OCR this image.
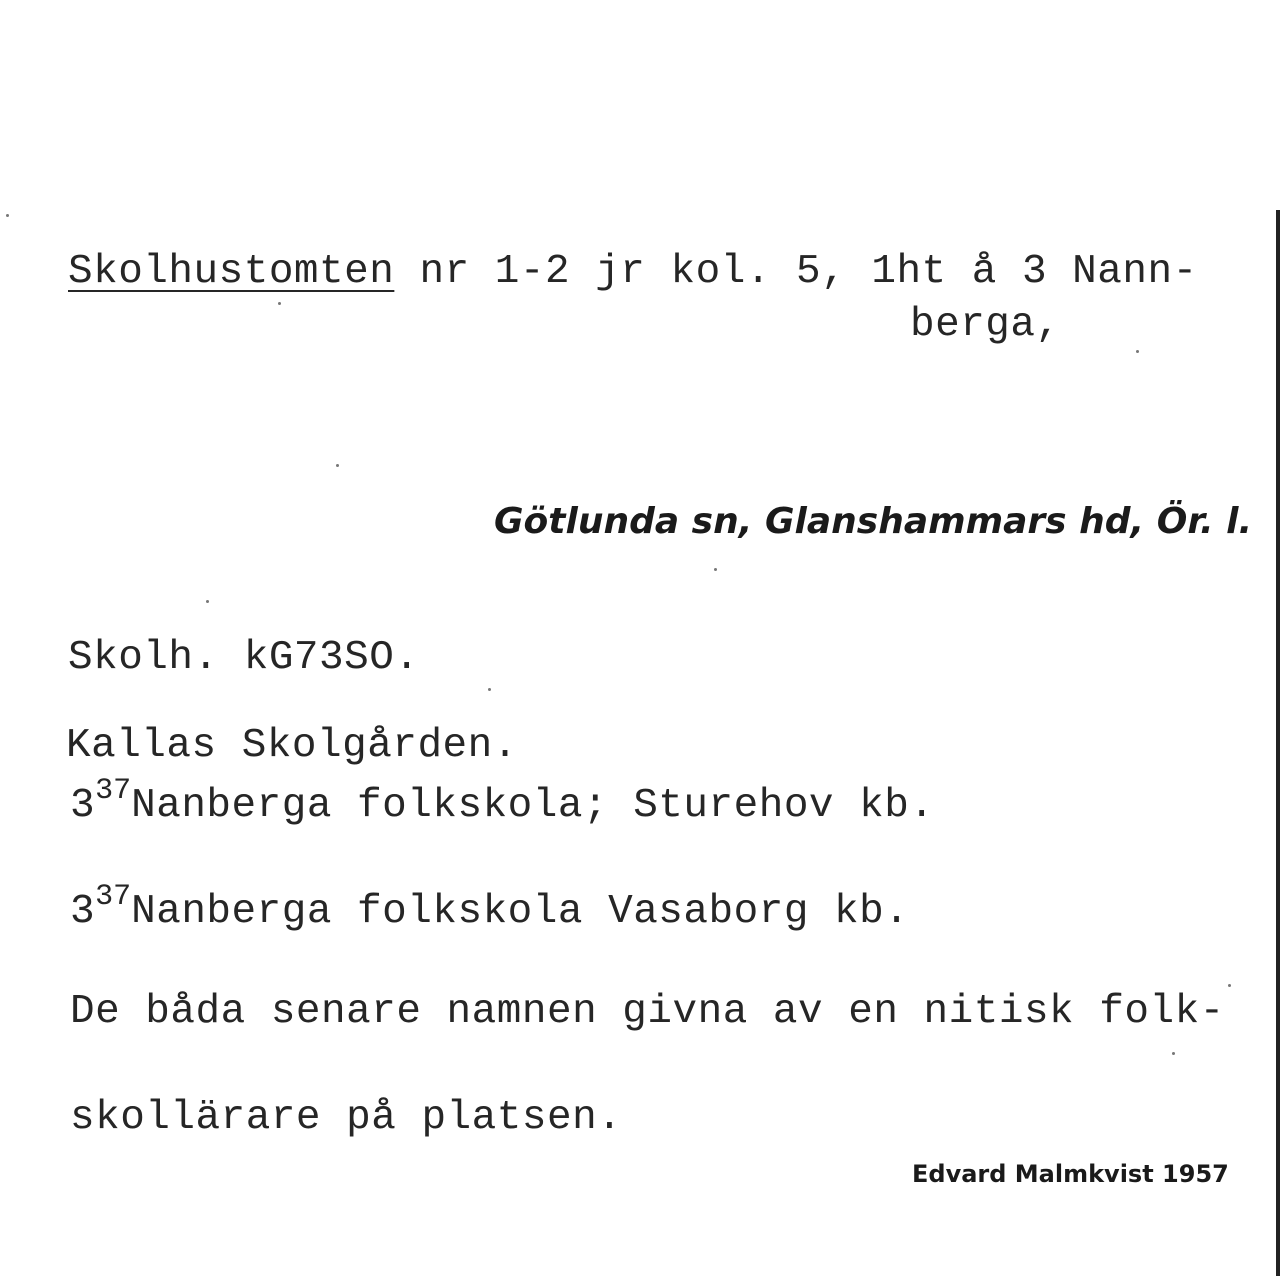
Skolhustomten nr 1-2 jr kol. 5, 1ht å 3 Nann-
berga,
Götlunda sn, Glanshammars hd, Ör. l.
Skolh. kG73SO.
Kallas Skolgården.
$3^{37}Nanberga$ folkskola; Sturehov kb.
$3^{37}Nanberga$ folkskola Vasaborg kb.
De båda senare namnen givna av en nitisk folk-
skollärare på platsen.
Edvard Malmkvist 1957
